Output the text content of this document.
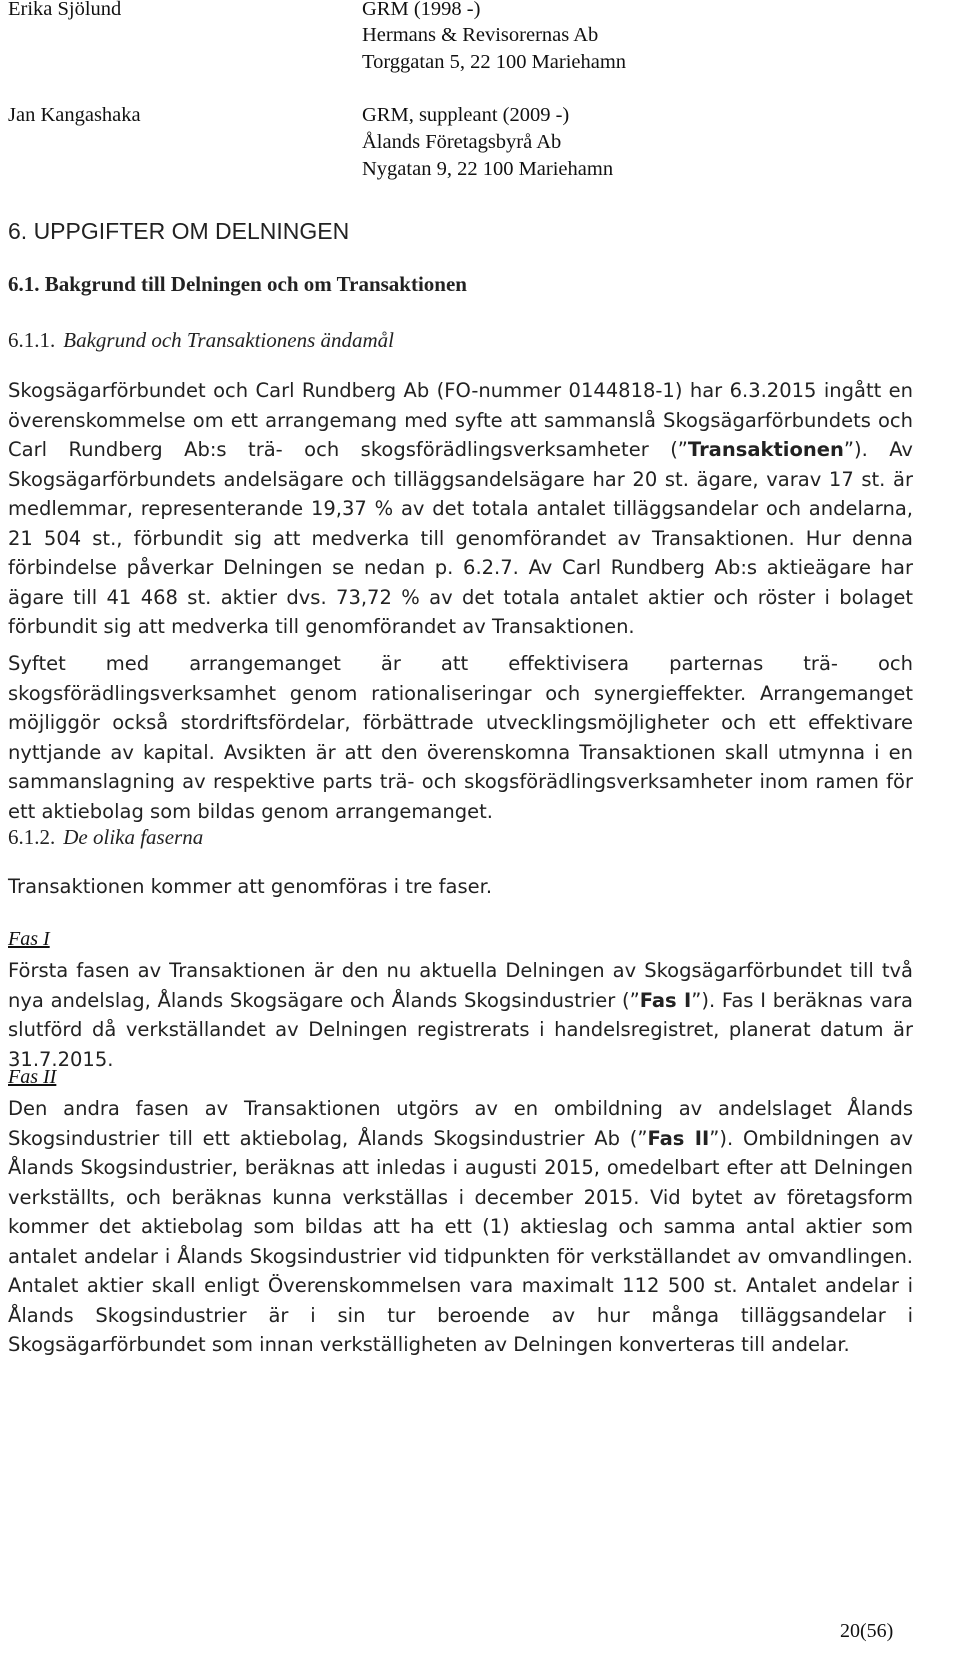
Erika Sjölund	GRM (1998 -)
Hermans & Revisorernas Ab
Torggatan 5, 22 100 Mariehamn
Jan Kangashaka	GRM, suppleant (2009 -)
Ålands Företagsbyrå Ab
Nygatan 9, 22 100 Mariehamn
6. UPPGIFTER OM DELNINGEN
6.1. Bakgrund till Delningen och om Transaktionen
6.1.1. Bakgrund och Transaktionens ändamål

Skogsägarförbundet och Carl Rundberg Ab (FO-nummer 0144818-1) har 6.3.2015 ingått en överenskommelse om ett arrangemang med syfte att sammanslå Skogsägarförbundets och Carl Rundberg Ab:s trä- och skogsförädlingsverksamheter (”Transaktionen”). Av Skogsägarförbundets andelsägare och tilläggsandelsägare har 20 st. ägare, varav 17 st. är medlemmar, representerande 19,37 % av det totala antalet tilläggsandelar och andelarna, 21 504 st., förbundit sig att medverka till genomförandet av Transaktionen. Hur denna förbindelse påverkar Delningen se nedan p. 6.2.7. Av Carl Rundberg Ab:s aktieägare har ägare till 41 468 st. aktier dvs. 73,72 % av det totala antalet aktier och röster i bolaget förbundit sig att medverka till genomförandet av Transaktionen.

Syftet med arrangemanget är att effektivisera parternas trä- och skogsförädlingsverksamhet genom rationaliseringar och synergieffekter. Arrangemanget möjliggör också stordriftsfördelar, förbättrade utvecklingsmöjligheter och ett effektivare nyttjande av kapital. Avsikten är att den överenskomna Transaktionen skall utmynna i en sammanslagning av respektive parts trä- och skogsförädlingsverksamheter inom ramen för ett aktiebolag som bildas genom arrangemanget.

6.1.2. De olika faserna

Transaktionen kommer att genomföras i tre faser.

Fas I

Första fasen av Transaktionen är den nu aktuella Delningen av Skogsägarförbundet till två nya andelslag, Ålands Skogsägare och Ålands Skogsindustrier (”Fas I”). Fas I beräknas vara slutförd då verkställandet av Delningen registrerats i handelsregistret, planerat datum är 31.7.2015.

Fas II

Den andra fasen av Transaktionen utgörs av en ombildning av andelslaget Ålands Skogsindustrier till ett aktiebolag, Ålands Skogsindustrier Ab (”Fas II”). Ombildningen av Ålands Skogsindustrier, beräknas att inledas i augusti 2015, omedelbart efter att Delningen verkställts, och beräknas kunna verkställas i december 2015. Vid bytet av företagsform kommer det aktiebolag som bildas att ha ett (1) aktieslag och samma antal aktier som antalet andelar i Ålands Skogsindustrier vid tidpunkten för verkställandet av omvandlingen. Antalet aktier skall enligt Överenskommelsen vara maximalt 112 500 st. Antalet andelar i Ålands Skogsindustrier är i sin tur beroende av hur många tilläggsandelar i Skogsägarförbundet som innan verkställigheten av Delningen konverteras till andelar.

20(56)
